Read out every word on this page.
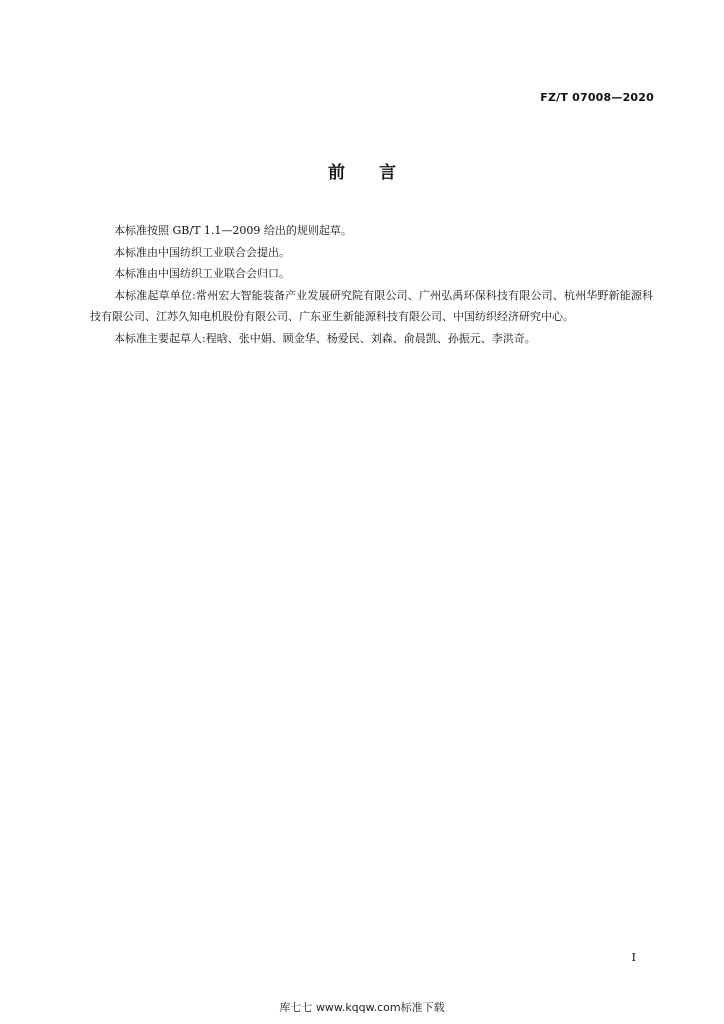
FZ/T 07008—2020
前言

本标准按照 GB/T 1.1—2009 给出的规则起草。

本标准由中国纺织工业联合会提出。

本标准由中国纺织工业联合会归口。

本标准起草单位:常州宏大智能装备产业发展研究院有限公司、广州弘禹环保科技有限公司、杭州华野新能源科技有限公司、江苏久知电机股份有限公司、广东亚生新能源科技有限公司、中国纺织经济研究中心。

本标准主要起草人:程晗、张中娟、顾金华、杨爱民、刘森、俞晨凯、孙振元、李洪奇。

I
库七七 www.kqqw.com标准下载
